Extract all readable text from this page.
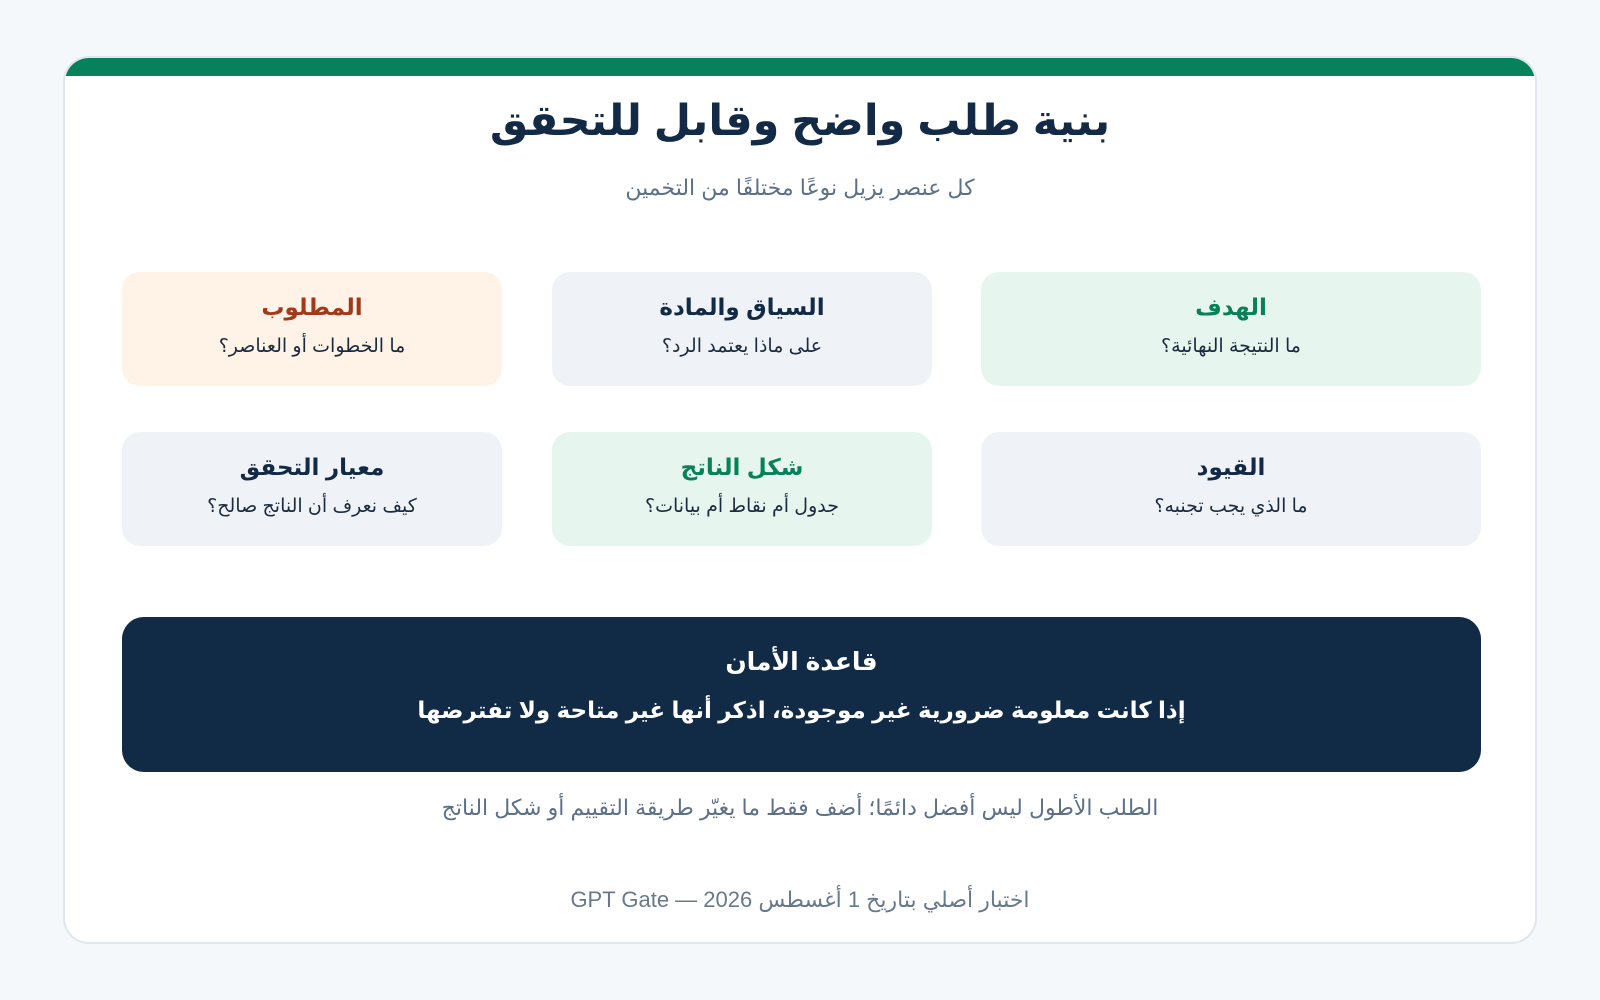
بنية طلب واضح وقابل للتحقق
كل عنصر يزيل نوعًا مختلفًا من التخمين
الهدف
ما النتيجة النهائية؟
السياق والمادة
على ماذا يعتمد الرد؟
المطلوب
ما الخطوات أو العناصر؟
القيود
ما الذي يجب تجنبه؟
شكل الناتج
جدول أم نقاط أم بيانات؟
معيار التحقق
كيف نعرف أن الناتج صالح؟
قاعدة الأمان
إذا كانت معلومة ضرورية غير موجودة، اذكر أنها غير متاحة ولا تفترضها
الطلب الأطول ليس أفضل دائمًا؛ أضف فقط ما يغيّر طريقة التقييم أو شكل الناتج
GPT Gate — اختبار أصلي بتاريخ 1 أغسطس 2026
